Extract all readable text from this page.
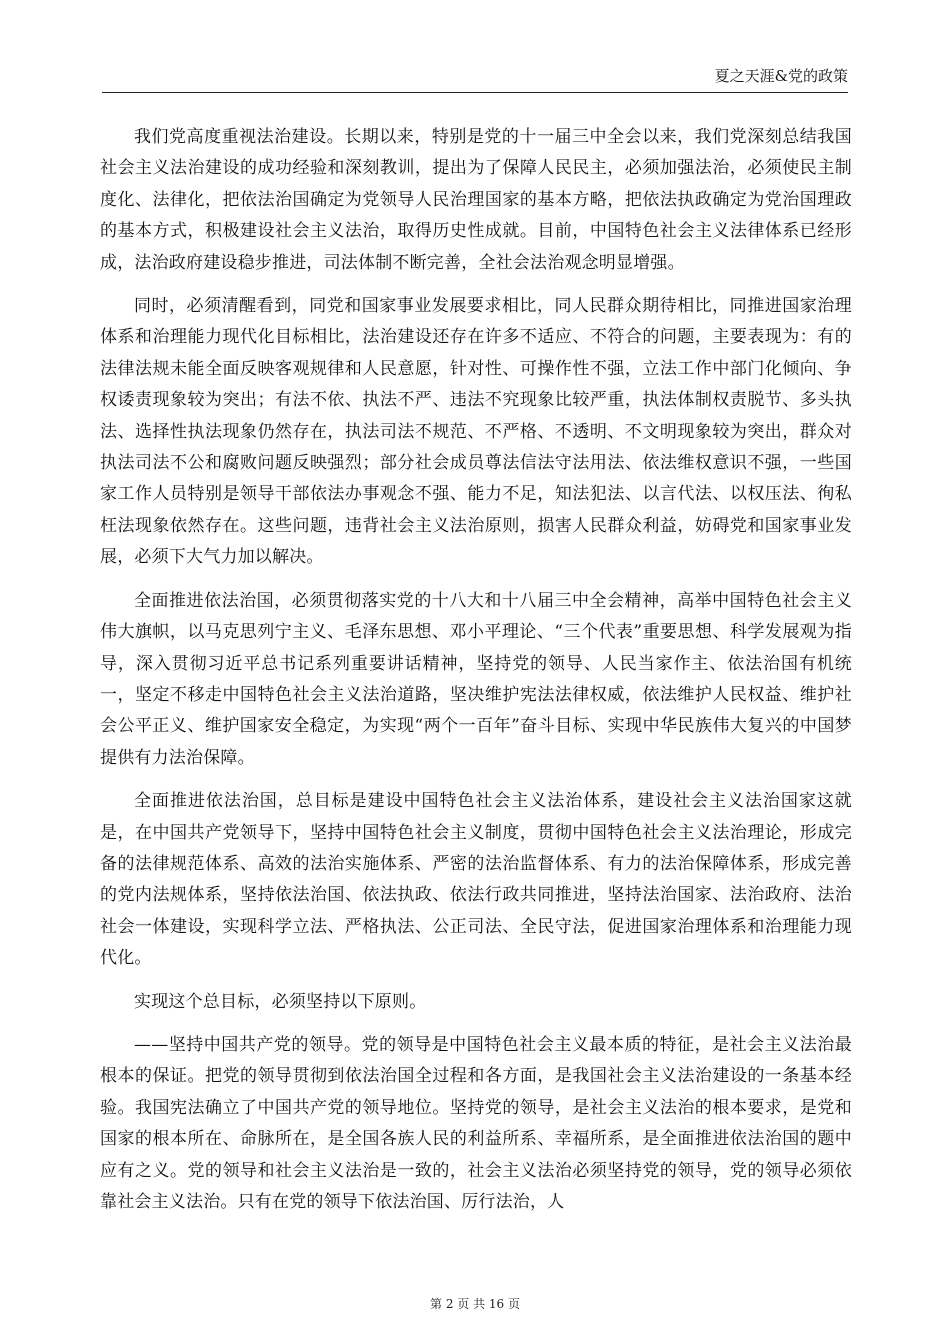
夏之天涯&党的政策

我们党高度重视法治建设。长期以来，特别是党的十一届三中全会以来，我们党深刻总结我国社会主义法治建设的成功经验和深刻教训，提出为了保障人民民主，必须加强法治，必须使民主制度化、法律化，把依法治国确定为党领导人民治理国家的基本方略，把依法执政确定为党治国理政的基本方式，积极建设社会主义法治，取得历史性成就。目前，中国特色社会主义法律体系已经形成，法治政府建设稳步推进，司法体制不断完善，全社会法治观念明显增强。

同时，必须清醒看到，同党和国家事业发展要求相比，同人民群众期待相比，同推进国家治理体系和治理能力现代化目标相比，法治建设还存在许多不适应、不符合的问题，主要表现为：有的法律法规未能全面反映客观规律和人民意愿，针对性、可操作性不强，立法工作中部门化倾向、争权诿责现象较为突出；有法不依、执法不严、违法不究现象比较严重，执法体制权责脱节、多头执法、选择性执法现象仍然存在，执法司法不规范、不严格、不透明、不文明现象较为突出，群众对执法司法不公和腐败问题反映强烈；部分社会成员尊法信法守法用法、依法维权意识不强，一些国家工作人员特别是领导干部依法办事观念不强、能力不足，知法犯法、以言代法、以权压法、徇私枉法现象依然存在。这些问题，违背社会主义法治原则，损害人民群众利益，妨碍党和国家事业发展，必须下大气力加以解决。

全面推进依法治国，必须贯彻落实党的十八大和十八届三中全会精神，高举中国特色社会主义伟大旗帜，以马克思列宁主义、毛泽东思想、邓小平理论、“三个代表”重要思想、科学发展观为指导，深入贯彻习近平总书记系列重要讲话精神，坚持党的领导、人民当家作主、依法治国有机统一，坚定不移走中国特色社会主义法治道路，坚决维护宪法法律权威，依法维护人民权益、维护社会公平正义、维护国家安全稳定，为实现“两个一百年”奋斗目标、实现中华民族伟大复兴的中国梦提供有力法治保障。

全面推进依法治国，总目标是建设中国特色社会主义法治体系，建设社会主义法治国家这就是，在中国共产党领导下，坚持中国特色社会主义制度，贯彻中国特色社会主义法治理论，形成完备的法律规范体系、高效的法治实施体系、严密的法治监督体系、有力的法治保障体系，形成完善的党内法规体系，坚持依法治国、依法执政、依法行政共同推进，坚持法治国家、法治政府、法治社会一体建设，实现科学立法、严格执法、公正司法、全民守法，促进国家治理体系和治理能力现代化。

实现这个总目标，必须坚持以下原则。

——坚持中国共产党的领导。党的领导是中国特色社会主义最本质的特征，是社会主义法治最根本的保证。把党的领导贯彻到依法治国全过程和各方面，是我国社会主义法治建设的一条基本经验。我国宪法确立了中国共产党的领导地位。坚持党的领导，是社会主义法治的根本要求，是党和国家的根本所在、命脉所在，是全国各族人民的利益所系、幸福所系，是全面推进依法治国的题中应有之义。党的领导和社会主义法治是一致的，社会主义法治必须坚持党的领导，党的领导必须依靠社会主义法治。只有在党的领导下依法治国、厉行法治，人

第 2 页 共 16 页
